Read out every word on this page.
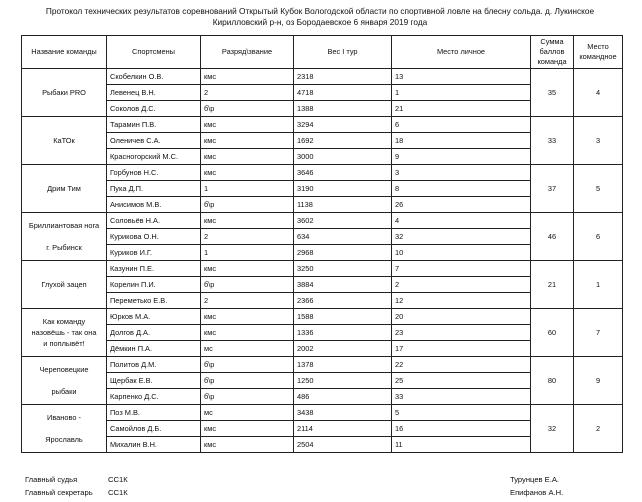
Протокол технических результатов соревнований Открытый Кубок Вологодской области по спортивной ловле на блесну сольда. д. Лукинское
Кирилловский р-н, оз Бородаевское 6 января 2019 года
Название команды	Спортсмены	Разряд\звание	Вес I тур	Место личное	Сумма баллов команда	Место командное

Рыбаки PRO	Скобелкин О.В.	кмс	2318	13	35	4
	Левенец В.Н.	2	4718	1		
	Соколов Д.С.	б\р	1388	21		

КаТОк	Тарамин П.В.	кмс	3294	6	33	3
	Оленичев С.А.	кмс	1692	18		
	Красногорский М.С.	кмс	3000	9		

Дрим Тим	Горбунов Н.С.	кмс	3646	3	37	5
	Пука Д.П.	1	3190	8		
	Анисимов М.В.	б\р	1138	26		

Бриллиантовая нога

г. Рыбинск	Соловьёв Н.А.	кмс	3602	4	46	6
	Курикова О.Н.	2	634	32		
	Куриков И.Г.	1	2968	10		

Глухой зацеп	Казунин П.Е.	кмс	3250	7	21	1
	Корелин П.И.	б\р	3884	2		
	Переметько Е.В.	2	2366	12		

Как команду
назовёшь - так она
и поплывёт!	Юрков М.А.	кмс	1588	20	60	7
	Долгов Д.А.	кмс	1336	23		
	Дёмкин П.А.	мс	2002	17		

Череповецкие

рыбаки	Политов Д.М.	б\р	1378	22	80	9
	Щербак Е.В.	б\р	1250	25		
	Карпенко Д.С.	б\р	486	33		

Иваново -

Ярославль	Поз М.В.	мс	3438	5	32	2
	Самойлов Д.Б.	кмс	2114	16		
	Михалин В.Н.	кмс	2504	11		
Главный судья	СС1К	Турунцев Е.А.
Главный секретарь СС1К	Епифанов А.Н.
